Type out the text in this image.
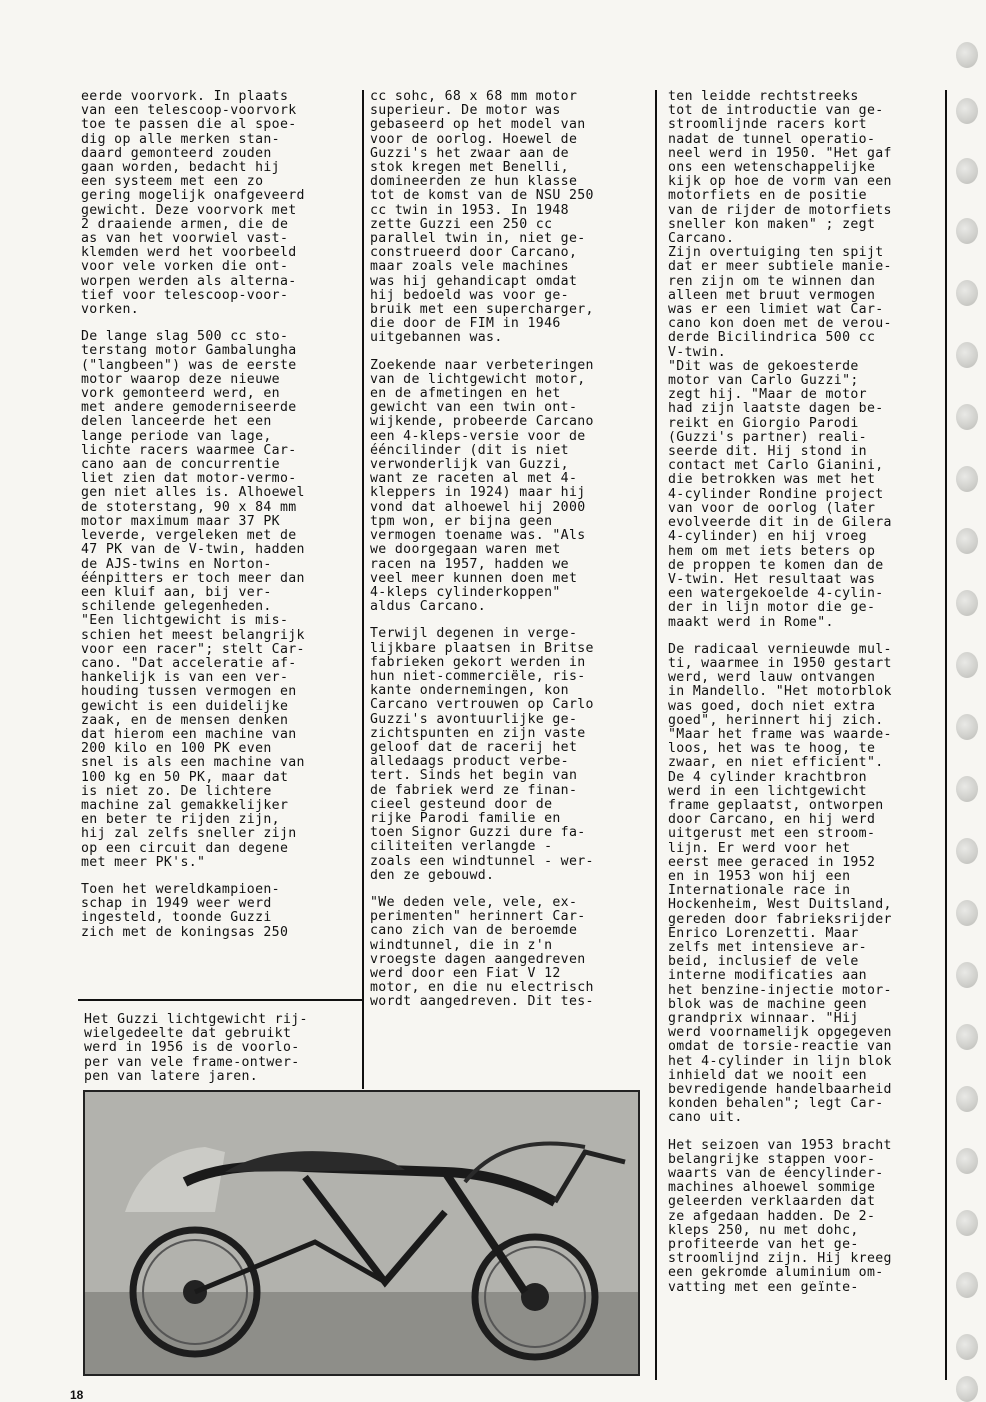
eerde voorvork. In plaats
van een telescoop-voorvork
toe te passen die al spoe-
dig op alle merken stan-
daard gemonteerd zouden
gaan worden, bedacht hij
een systeem met een zo
gering mogelijk onafgeveerd
gewicht. Deze voorvork met
2 draaiende armen, die de
as van het voorwiel vast-
klemden werd het voorbeeld
voor vele vorken die ont-
worpen werden als alterna-
tief voor telescoop-voor-
vorken.

De lange slag 500 cc sto-
terstang motor Gambalungha
("langbeen") was de eerste
motor waarop deze nieuwe
vork gemonteerd werd, en
met andere gemoderniseerde
delen lanceerde het een
lange periode van lage,
lichte racers waarmee Car-
cano aan de concurrentie
liet zien dat motor-vermo-
gen niet alles is. Alhoewel
de stoterstang, 90 x 84 mm
motor maximum maar 37 PK
leverde, vergeleken met de
47 PK van de V-twin, hadden
de AJS-twins en Norton-
éénpitters er toch meer dan
een kluif aan, bij ver-
schilende gelegenheden.
"Een lichtgewicht is mis-
schien het meest belangrijk
voor een racer"; stelt Car-
cano. "Dat acceleratie af-
hankelijk is van een ver-
houding tussen vermogen en
gewicht is een duidelijke
zaak, en de mensen denken
dat hierom een machine van
200 kilo en 100 PK even
snel is als een machine van
100 kg en 50 PK, maar dat
is niet zo. De lichtere
machine zal gemakkelijker
en beter te rijden zijn,
hij zal zelfs sneller zijn
op een circuit dan degene
met meer PK's."

Toen het wereldkampioen-
schap in 1949 weer werd
ingesteld, toonde Guzzi
zich met de koningsas 250

cc sohc, 68 x 68 mm motor
superieur. De motor was
gebaseerd op het model van
voor de oorlog. Hoewel de
Guzzi's het zwaar aan de
stok kregen met Benelli,
domineerden ze hun klasse
tot de komst van de NSU 250
cc twin in 1953. In 1948
zette Guzzi een 250 cc
parallel twin in, niet ge-
construeerd door Carcano,
maar zoals vele machines
was hij gehandicapt omdat
hij bedoeld was voor ge-
bruik met een supercharger,
die door de FIM in 1946
uitgebannen was.

Zoekende naar verbeteringen
van de lichtgewicht motor,
en de afmetingen en het
gewicht van een twin ont-
wijkende, probeerde Carcano
een 4-kleps-versie voor de
ééncilinder (dit is niet
verwonderlijk van Guzzi,
want ze raceten al met 4-
kleppers in 1924) maar hij
vond dat alhoewel hij 2000
tpm won, er bijna geen
vermogen toename was. "Als
we doorgegaan waren met
racen na 1957, hadden we
veel meer kunnen doen met
4-kleps cylinderkoppen"
aldus Carcano.

Terwijl degenen in verge-
lijkbare plaatsen in Britse
fabrieken gekort werden in
hun niet-commerciële, ris-
kante ondernemingen, kon
Carcano vertrouwen op Carlo
Guzzi's avontuurlijke ge-
zichtspunten en zijn vaste
geloof dat de racerij het
alledaags product verbe-
tert. Sinds het begin van
de fabriek werd ze finan-
cieel gesteund door de
rijke Parodi familie en
toen Signor Guzzi dure fa-
ciliteiten verlangde -
zoals een windtunnel - wer-
den ze gebouwd.

"We deden vele, vele, ex-
perimenten" herinnert Car-
cano zich van de beroemde
windtunnel, die in z'n
vroegste dagen aangedreven
werd door een Fiat V 12
motor, en die nu electrisch
wordt aangedreven. Dit tes-

ten leidde rechtstreeks
tot de introductie van ge-
stroomlijnde racers kort
nadat de tunnel operatio-
neel werd in 1950. "Het gaf
ons een wetenschappelijke
kijk op hoe de vorm van een
motorfiets en de positie
van de rijder de motorfiets
sneller kon maken" ; zegt
Carcano.
Zijn overtuiging ten spijt
dat er meer subtiele manie-
ren zijn om te winnen dan
alleen met bruut vermogen
was er een limiet wat Car-
cano kon doen met de verou-
derde Bicilindrica 500 cc
V-twin.
"Dit was de gekoesterde
motor van Carlo Guzzi";
zegt hij. "Maar de motor
had zijn laatste dagen be-
reikt en Giorgio Parodi
(Guzzi's partner) reali-
seerde dit. Hij stond in
contact met Carlo Gianini,
die betrokken was met het
4-cylinder Rondine project
van voor de oorlog (later
evolveerde dit in de Gilera
4-cylinder) en hij vroeg
hem om met iets beters op
de proppen te komen dan de
V-twin. Het resultaat was
een watergekoelde 4-cylin-
der in lijn motor die ge-
maakt werd in Rome".

De radicaal vernieuwde mul-
ti, waarmee in 1950 gestart
werd, werd lauw ontvangen
in Mandello. "Het motorblok
was goed, doch niet extra
goed", herinnert hij zich.
"Maar het frame was waarde-
loos, het was te hoog, te
zwaar, en niet efficient".
De 4 cylinder krachtbron
werd in een lichtgewicht
frame geplaatst, ontworpen
door Carcano, en hij werd
uitgerust met een stroom-
lijn. Er werd voor het
eerst mee geraced in 1952
en in 1953 won hij een
Internationale race in
Hockenheim, West Duitsland,
gereden door fabrieksrijder
Enrico Lorenzetti. Maar
zelfs met intensieve ar-
beid, inclusief de vele
interne modificaties aan
het benzine-injectie motor-
blok was de machine geen
grandprix winnaar. "Hij
werd voornamelijk opgegeven
omdat de torsie-reactie van
het 4-cylinder in lijn blok
inhield dat we nooit een
bevredigende handelbaarheid
konden behalen"; legt Car-
cano uit.

Het seizoen van 1953 bracht
belangrijke stappen voor-
waarts van de éencylinder-
machines alhoewel sommige
geleerden verklaarden dat
ze afgedaan hadden. De 2-
kleps 250, nu met dohc,
profiteerde van het ge-
stroomlijnd zijn. Hij kreeg
een gekromde aluminium om-
vatting met een geïnte-

Het Guzzi lichtgewicht rij-
wielgedeelte dat gebruikt
werd in 1956 is de voorlo-
per van vele frame-ontwer-
pen van latere jaren.
18
